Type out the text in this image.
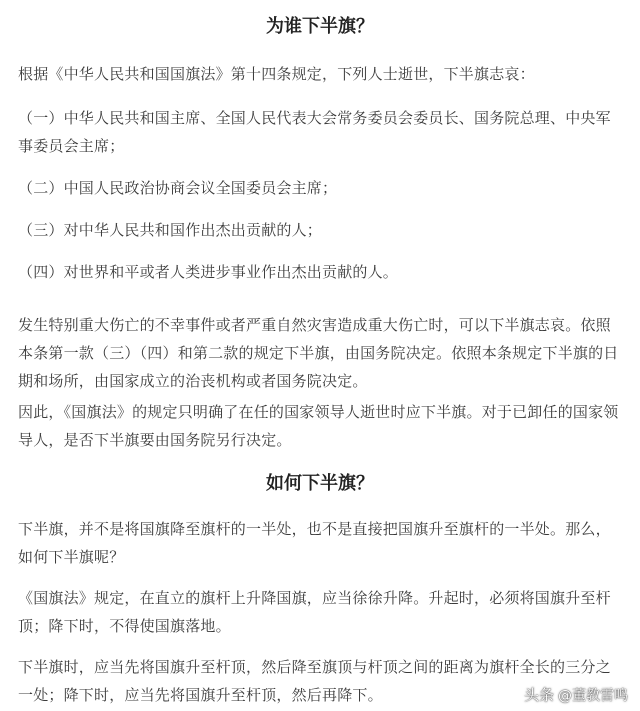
为谁下半旗？

根据《中华人民共和国国旗法》第十四条规定，下列人士逝世，下半旗志哀：

（一）中华人民共和国主席、全国人民代表大会常务委员会委员长、国务院总理、中央军事委员会主席；

（二）中国人民政治协商会议全国委员会主席；

（三）对中华人民共和国作出杰出贡献的人；

（四）对世界和平或者人类进步事业作出杰出贡献的人。

发生特别重大伤亡的不幸事件或者严重自然灾害造成重大伤亡时，可以下半旗志哀。依照本条第一款（三）（四）和第二款的规定下半旗，由国务院决定。依照本条规定下半旗的日期和场所，由国家成立的治丧机构或者国务院决定。

因此，《国旗法》的规定只明确了在任的国家领导人逝世时应下半旗。对于已卸任的国家领导人，是否下半旗要由国务院另行决定。

如何下半旗？

下半旗，并不是将国旗降至旗杆的一半处，也不是直接把国旗升至旗杆的一半处。那么，如何下半旗呢？

《国旗法》规定，在直立的旗杆上升降国旗，应当徐徐升降。升起时，必须将国旗升至杆顶；降下时，不得使国旗落地。

下半旗时，应当先将国旗升至杆顶，然后降至旗顶与杆顶之间的距离为旗杆全长的三分之一处；降下时，应当先将国旗升至杆顶，然后再降下。	头条 @董教雷鸣
